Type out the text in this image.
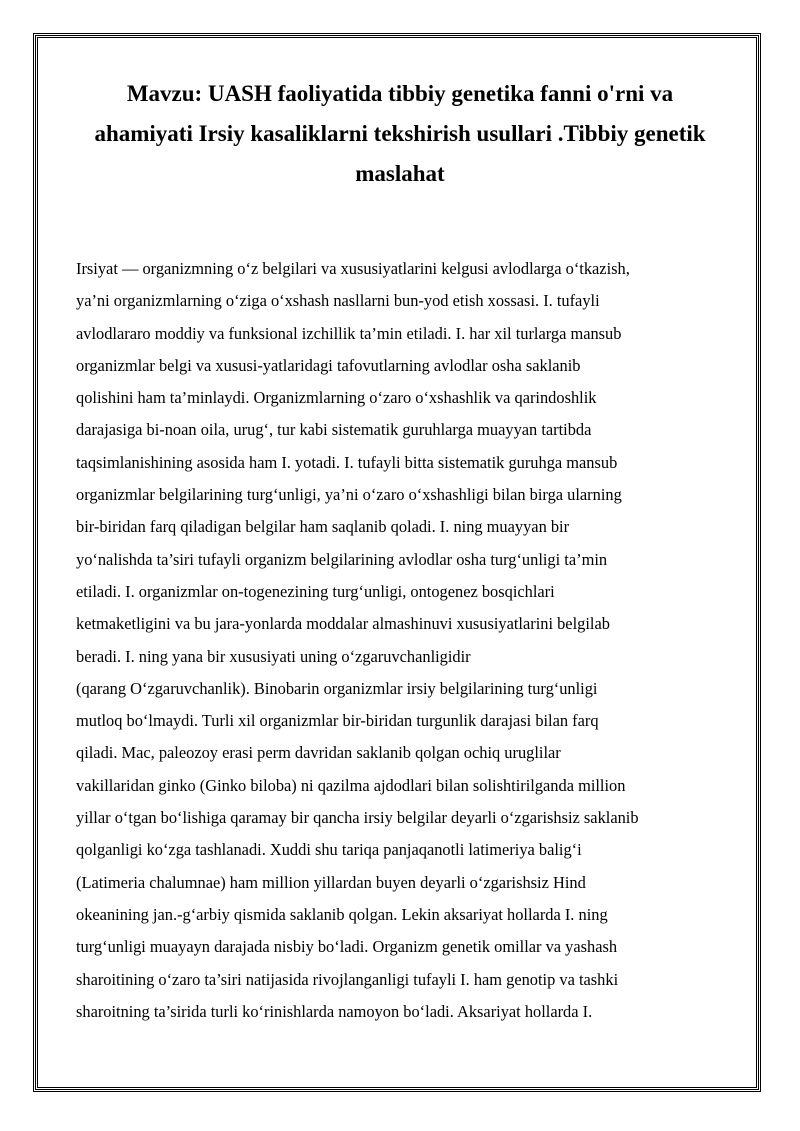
Mavzu: UASH faoliyatida tibbiy genetika fanni o'rni va
ahamiyati Irsiy kasaliklarni tekshirish usullari .Tibbiy genetik
maslahat
Irsiyat — organizmning o‘z belgilari va xususiyatlarini kelgusi avlodlarga o‘tkazish,
ya’ni organizmlarning o‘ziga o‘xshash nasllarni bun-yod etish xossasi. I. tufayli
avlodlararo moddiy va funksional izchillik ta’min etiladi. I. har xil turlarga mansub
organizmlar belgi va xususi-yatlaridagi tafovutlarning avlodlar osha saklanib
qolishini ham ta’minlaydi. Organizmlarning o‘zaro o‘xshashlik va qarindoshlik
darajasiga bi-noan oila, urug‘, tur kabi sistematik guruhlarga muayyan tartibda
taqsimlanishining asosida ham I. yotadi. I. tufayli bitta sistematik guruhga mansub
organizmlar belgilarining turg‘unligi, ya’ni o‘zaro o‘xshashligi bilan birga ularning
bir-biridan farq qiladigan belgilar ham saqlanib qoladi. I. ning muayyan bir
yo‘nalishda ta’siri tufayli organizm belgilarining avlodlar osha turg‘unligi ta’min
etiladi. I. organizmlar on-togenezining turg‘unligi, ontogenez bosqichlari
ketmaketligini va bu jara-yonlarda moddalar almashinuvi xususiyatlarini belgilab
beradi. I. ning yana bir xususiyati uning o‘zgaruvchanligidir
(qarang O‘zgaruvchanlik). Binobarin organizmlar irsiy belgilarining turg‘unligi
mutloq bo‘lmaydi. Turli xil organizmlar bir-biridan turgunlik darajasi bilan farq
qiladi. Mac, paleozoy erasi perm davridan saklanib qolgan ochiq uruglilar
vakillaridan ginko (Ginko biloba) ni qazilma ajdodlari bilan solishtirilganda million
yillar o‘tgan bo‘lishiga qaramay bir qancha irsiy belgilar deyarli o‘zgarishsiz saklanib
qolganligi ko‘zga tashlanadi. Xuddi shu tariqa panjaqanotli latimeriya balig‘i
(Latimeria chalumnae) ham million yillardan buyen deyarli o‘zgarishsiz Hind
okeanining jan.-g‘arbiy qismida saklanib qolgan. Lekin aksariyat hollarda I. ning
turg‘unligi muayayn darajada nisbiy bo‘ladi. Organizm genetik omillar va yashash
sharoitining o‘zaro ta’siri natijasida rivojlanganligi tufayli I. ham genotip va tashki
sharoitning ta’sirida turli ko‘rinishlarda namoyon bo‘ladi. Aksariyat hollarda I.
